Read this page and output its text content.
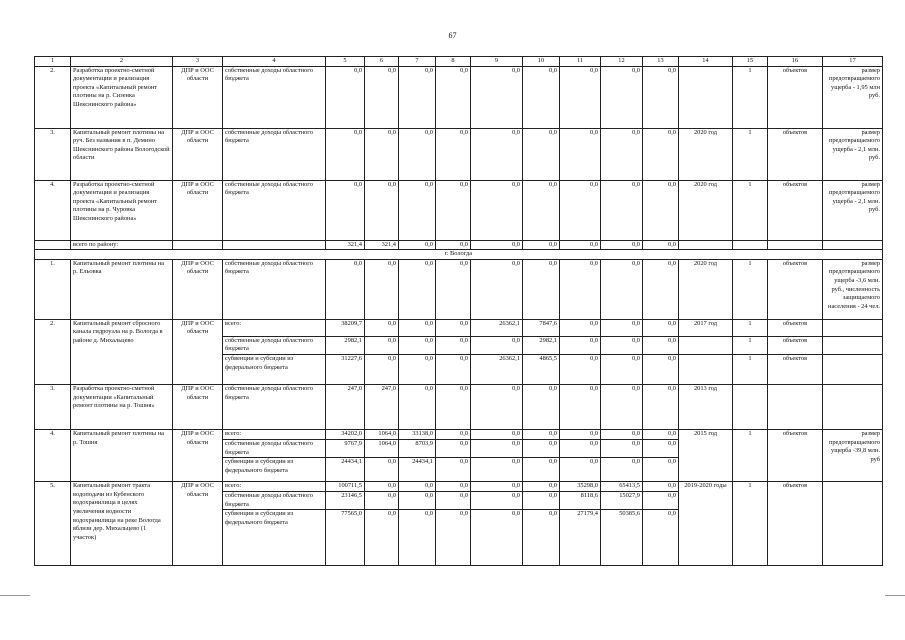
67
1	2	3	4	5	6	7	8	9	10	11	12	13	14	15	16	17
2.	Разработка проектно-сметной документации и реализация проекта «Капитальный ремонт плотины на р. Сизенка Шекснинского района»	ДПР и ООС области	собственные доходы областного бюджета	0,0	0,0	0,0	0,0	0,0	0,0	0,0	0,0	0,0		1	объектов	размер предотвращаемого ущерба - 1,95 млн руб.
3.	Капитальный ремонт плотины на руч. Без названия в п. Демино Шекснинского района Вологодской области	ДПР и ООС области	собственные доходы областного бюджета	0,0	0,0	0,0	0,0	0,0	0,0	0,0	0,0	0,0	2020 год	1	объектов	размер предотвращаемого ущерба - 2,1 млн. руб.
4.	Разработка проектно-сметной документации и реализация проекта «Капитальный ремонт плотины на р. Чуровка Шекснинского района»	ДПР и ООС области	собственные доходы областного бюджета	0,0	0,0	0,0	0,0	0,0	0,0	0,0	0,0	0,0	2020 год	1	объектов	размер предотвращаемого ущерба - 2,1 млн. руб.
	всего по району:			321,4	321,4	0,0	0,0	0,0	0,0	0,0	0,0	0,0				
г. Вологда																
1.	Капитальный ремонт плотины на р. Ельовка	ДПР и ООС области	собственные доходы областного бюджета	0,0	0,0	0,0	0,0	0,0	0,0	0,0	0,0	0,0	2020 год	1	объектов	размер предотвращаемого ущерба -3,6 млн. руб., численность защищаемого населения - 24 чел.
2.	Капитальный ремонт сбросного канала гидроузла на р. Вологда в районе д. Михальцево	ДПР и ООС области	всего:	38209,7	0,0	0,0	0,0	26362,1	7847,6	0,0	0,0	0,0	2017 год	1	объектов	
			собственные доходы областного бюджета	2982,1	0,0	0,0	0,0	0,0	2982,1	0,0	0,0	0,0		1	объектов	
			субвенции и субсидии из федерального бюджета	31227,6	0,0	0,0	0,0	26362,1	4865,5	0,0	0,0	0,0		1	объектов	
3.	Разработка проектно-сметной документации «Капитальный ремонт плотины на р. Тошня»	ДПР и ООС области	собственные доходы областного бюджета	247,0	247,0	0,0	0,0	0,0	0,0	0,0	0,0	0,0	2013 год			
4.	Капитальный ремонт плотины на р. Тошня	ДПР и ООС области	всего:	34202,0	1064,0	33138,0	0,0	0,0	0,0	0,0	0,0	0,0	2015 год	1	объектов	размер предотвращаемого ущерба -39,8 млн. руб
			собственные доходы областного бюджета	9767,9	1064,0	8703,9	0,0	0,0	0,0	0,0	0,0	0,0				
			субвенции и субсидии из федерального бюджета	24434,1	0,0	24434,1	0,0	0,0	0,0	0,0	0,0	0,0				
5.	Капитальный ремонт тракта водоподачи из Кубенского водохранилища в целях увеличения водности водохранилища на реке Вологда вблизи дер. Михальцево (1 участок)	ДПР и ООС области	всего:	100711,5	0,0	0,0	0,0	0,0	0,0	35298,0	65413,5	0,0	2019-2020 годы	1	объектов	
			собственные доходы областного бюджета	23146,5	0,0	0,0	0,0	0,0	0,0	8118,6	15027,9	0,0				
			субвенции и субсидии из федерального бюджета	77565,0	0,0	0,0	0,0	0,0	0,0	27179,4	50385,6	0,0				
